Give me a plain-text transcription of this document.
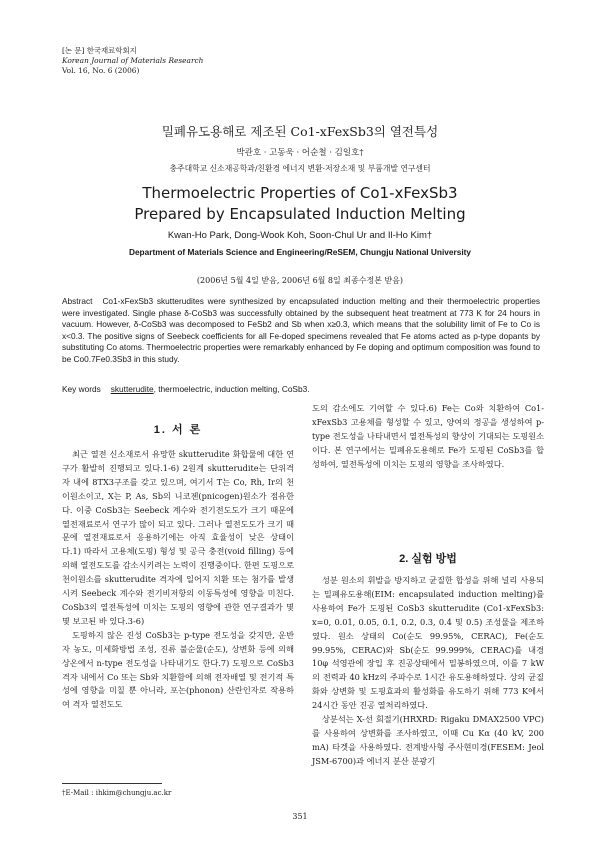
[논 문] 한국재료학회지
Korean Journal of Materials Research
Vol. 16, No. 6 (2006)
밀폐유도용해로 제조된 Co1-xFexSb3의 열전특성
박관호 · 고동욱 · 어순철 · 김일호†
충주대학교 신소재공학과/친환경 에너지 변환·저장소재 및 부품개발 연구센터
Thermoelectric Properties of Co1-xFexSb3
Prepared by Encapsulated Induction Melting
Kwan-Ho Park, Dong-Wook Koh, Soon-Chul Ur and Il-Ho Kim†
Department of Materials Science and Engineering/ReSEM, Chungju National University
(2006년 5월 4일 받음, 2006년 6월 8일 최종수정본 받음)
Abstract Co1-xFexSb3 skutterudites were synthesized by encapsulated induction melting and their thermoelectric properties were investigated. Single phase δ-CoSb3 was successfully obtained by the subsequent heat treatment at 773 K for 24 hours in vacuum. However, δ-CoSb3 was decomposed to FeSb2 and Sb when x≥0.3, which means that the solubility limit of Fe to Co is x<0.3. The positive signs of Seebeck coefficients for all Fe-doped specimens revealed that Fe atoms acted as p-type dopants by substituting Co atoms. Thermoelectric properties were remarkably enhanced by Fe doping and optimum composition was found to be Co0.7Fe0.3Sb3 in this study.
Key words skutterudite, thermoelectric, induction melting, CoSb3.
1. 서 론

최근 열전 신소재로서 유망한 skutterudite 화합물에 대한 연구가 활발히 진행되고 있다.1-6) 2원계 skutterudite는 단위격자 내에 8TX3구조를 갖고 있으며, 여기서 T는 Co, Rh, Ir의 천이원소이고, X는 P, As, Sb의 니코젠(pnicogen)원소가 점유한다. 이중 CoSb3는 Seebeck 계수와 전기전도도가 크기 때문에 열전재료로서 연구가 많이 되고 있다. 그러나 열전도도가 크기 때문에 열전재료로서 응용하기에는 아직 효율성이 낮은 상태이다.1) 따라서 고용체(도핑) 형성 및 공극 충전(void filling) 등에 의해 열전도도를 감소시키려는 노력이 진행중이다. 한편 도핑으로 천이원소를 skutterudite 격자에 일어지 치환 또는 첨가를 발생시켜 Seebeck 계수와 전기비저항의 이동특성에 영향을 미친다. CoSb3의 열전특성에 미치는 도핑의 영향에 관한 연구결과가 몇몇 보고된 바 있다.3-6)

도핑하지 않은 진성 CoSb3는 p-type 전도성을 갖지만, 운반자 농도, 미세화방법 조성, 진류 불순물(순도), 상변화 등에 의해 상온에서 n-type 전도성을 나타내기도 한다.7) 도핑으로 CoSb3 격자 내에서 Co 또는 Sb와 치환함에 의해 전자배열 및 전기적 특성에 영향을 미칠 뿐 아니라, 포논(phonon) 산란인자로 작용하여 격자 열전도도

도의 감소에도 기여할 수 있다.6) Fe는 Co와 치환하여 Co1-xFexSb3 고용체를 형성할 수 있고, 양여의 정공을 생성하여 p-type 전도성을 나타내면서 열전특성의 향상이 기대되는 도핑원소이다. 본 연구에서는 밀폐유도용해로 Fe가 도핑된 CoSb3를 합성하여, 열전특성에 미치는 도핑의 영향을 조사하였다.

2. 실험 방법

성분 원소의 휘발을 방지하고 균질한 합성을 위해 널리 사용되는 밀폐유도용해(EIM: encapsulated induction melting)를 사용하여 Fe가 도핑된 CoSb3 skutterudite (Co1-xFexSb3: x=0, 0.01, 0.05, 0.1, 0.2, 0.3, 0.4 및 0.5) 조성물을 제조하였다. 원소 상태의 Co(순도 99.95%, CERAC), Fe(순도 99.95%, CERAC)와 Sb(순도 99.999%, CERAC)를 내경 10φ 석영관에 장입 후 진공상태에서 밀봉하였으며, 이를 7 kW의 전력과 40 kHz의 주파수로 1시간 유도용해하였다. 상의 균질화와 상변화 및 도핑효과의 활성화를 유도하기 위해 773 K에서 24시간 동안 진공 열처리하였다.

상분석는 X-선 회절기(HRXRD: Rigaku DMAX2500 VPC)를 사용하여 상변화를 조사하였고, 이때 Cu Kα (40 kV, 200 mA) 타겟을 사용하였다. 전계방사형 주사현미경(FESEM: Jeol JSM-6700)과 에너지 분산 분광기

†E-Mail : ihkim@chungju.ac.kr
351
